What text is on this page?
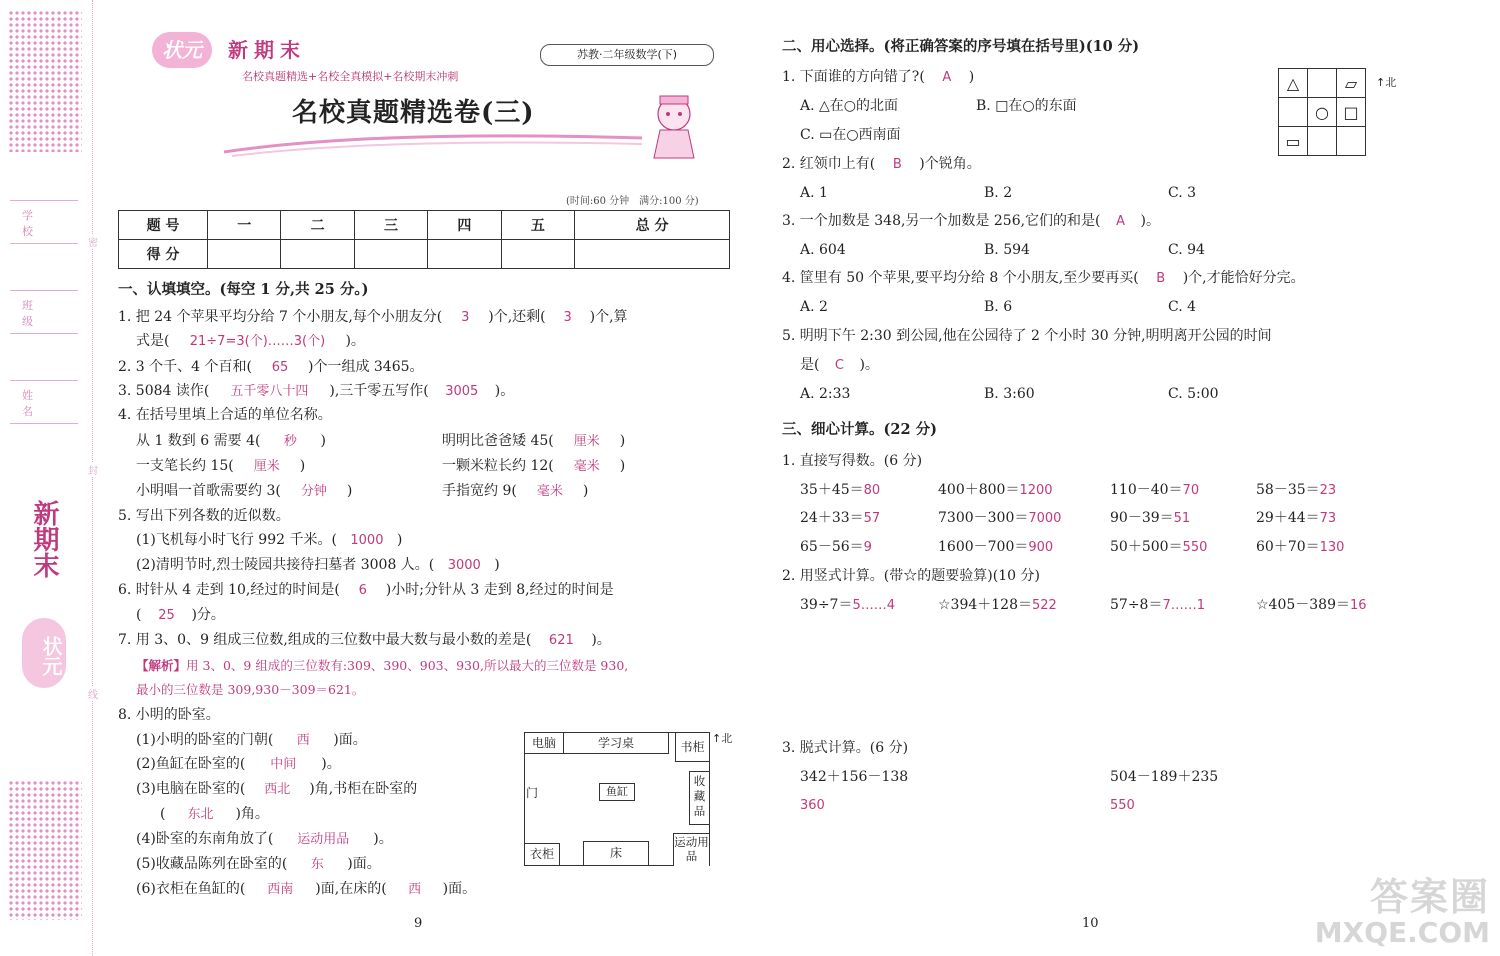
学 校
班 级
姓 名
密
封
线
新期末
状元
状元	新期末
名校真题精选+名校全真模拟+名校期末冲刺
苏教·二年级数学(下)
名校真题精选卷(三)
(时间:60 分钟　满分:100 分)
题 号	一	二	三	四	五	总 分
得 分						
一、认填填空。(每空 1 分,共 25 分。)
1. 把 24 个苹果平均分给 7 个小朋友,每个小朋友分( 3 )个,还剩( 3 )个,算
式是( 21÷7=3(个)……3(个) )。
2. 3 个千、4 个百和( 65 )个一组成 3465。
3. 5084 读作( 五千零八十四 ),三千零五写作( 3005 )。
4. 在括号里填上合适的单位名称。
从 1 数到 6 需要 4( 秒 )	明明比爸爸矮 45( 厘米 )
一支笔长约 15( 厘米 )	一颗米粒长约 12( 毫米 )
小明唱一首歌需要约 3( 分钟 )	手指宽约 9( 毫米 )
5. 写出下列各数的近似数。
(1)飞机每小时飞行 992 千米。( 1000 )
(2)清明节时,烈士陵园共接待扫墓者 3008 人。( 3000 )
6. 时针从 4 走到 10,经过的时间是( 6 )小时;分针从 3 走到 8,经过的时间是
( 25 )分。
7. 用 3、0、9 组成三位数,组成的三位数中最大数与最小数的差是( 621 )。
【解析】用 3、0、9 组成的三位数有:309、390、903、930,所以最大的三位数是 930,
最小的三位数是 309,930－309＝621。
8. 小明的卧室。
(1)小明的卧室的门朝( 西 )面。
(2)鱼缸在卧室的( 中间 )。
(3)电脑在卧室的( 西北 )角,书柜在卧室的
( 东北 )角。
(4)卧室的东南角放了( 运动用品 )。
(5)收藏品陈列在卧室的( 东 )面。
(6)衣柜在鱼缸的( 西南 )面,在床的( 西 )面。
电脑	学习桌	书柜
鱼缸
收藏品
衣柜	床
运动用品
门
↑北
9
二、用心选择。(将正确答案的序号填在括号里)(10 分)
1. 下面谁的方向错了?( A )
A. △在○的北面	B. □在○的东面
C. ▭在○西南面
△		▱
	○	□
▭		
↑北
2. 红领巾上有( B )个锐角。
A. 1	B. 2	C. 3
3. 一个加数是 348,另一个加数是 256,它们的和是( A )。
A. 604	B. 594	C. 94
4. 筐里有 50 个苹果,要平均分给 8 个小朋友,至少要再买( B )个,才能恰好分完。
A. 2	B. 6	C. 4
5. 明明下午 2:30 到公园,他在公园待了 2 个小时 30 分钟,明明离开公园的时间
是( C )。
A. 2:33	B. 3:60	C. 5:00
三、细心计算。(22 分)
1. 直接写得数。(6 分)
35＋45＝80	400＋800＝1200	110－40＝70	58－35＝23
24＋33＝57	7300－300＝7000	90－39＝51	29＋44＝73
65－56＝9	1600－700＝900	50＋500＝550	60＋70＝130
2. 用竖式计算。(带☆的题要验算)(10 分)
39÷7＝5……4	☆394＋128＝522	57÷8＝7……1	☆405－389＝16
3. 脱式计算。(6 分)
342＋156－138
360
504－189＋235
550
10
答案圈
MXQE.COM
